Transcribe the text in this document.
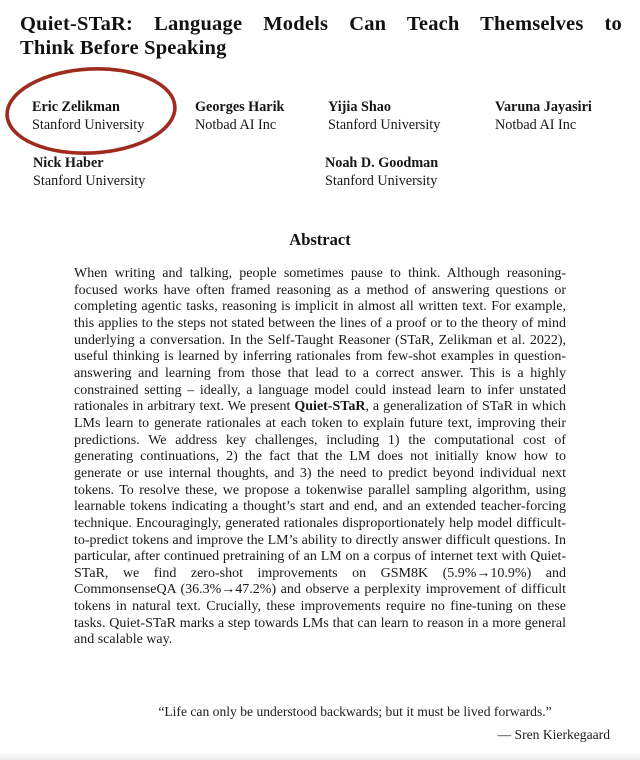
Quiet-STaR: Language Models Can Teach Themselves to
Think Before Speaking
Eric Zelikman
Stanford University
Georges Harik
Notbad AI Inc
Yijia Shao
Stanford University
Varuna Jayasiri
Notbad AI Inc
Nick Haber
Stanford University
Noah D. Goodman
Stanford University
Abstract
When writing and talking, people sometimes pause to think. Although reasoning-focused works have often framed reasoning as a method of answering questions or completing agentic tasks, reasoning is implicit in almost all written text. For example, this applies to the steps not stated between the lines of a proof or to the theory of mind underlying a conversation. In the Self-Taught Reasoner (STaR, Zelikman et al. 2022), useful thinking is learned by inferring rationales from few-shot examples in question-answering and learning from those that lead to a correct answer. This is a highly constrained setting – ideally, a language model could instead learn to infer unstated rationales in arbitrary text. We present Quiet-STaR, a generalization of STaR in which LMs learn to generate rationales at each token to explain future text, improving their predictions. We address key challenges, including 1) the computational cost of generating continuations, 2) the fact that the LM does not initially know how to generate or use internal thoughts, and 3) the need to predict beyond individual next tokens. To resolve these, we propose a tokenwise parallel sampling algorithm, using learnable tokens indicating a thought’s start and end, and an extended teacher-forcing technique. Encouragingly, generated rationales disproportionately help model difficult-to-predict tokens and improve the LM’s ability to directly answer difficult questions. In particular, after continued pretraining of an LM on a corpus of internet text with Quiet-STaR, we find zero-shot improvements on GSM8K (5.9%→10.9%) and CommonsenseQA (36.3%→47.2%) and observe a perplexity improvement of difficult tokens in natural text. Crucially, these improvements require no fine-tuning on these tasks. Quiet-STaR marks a step towards LMs that can learn to reason in a more general and scalable way.
“Life can only be understood backwards; but it must be lived forwards.”
— Sren Kierkegaard
